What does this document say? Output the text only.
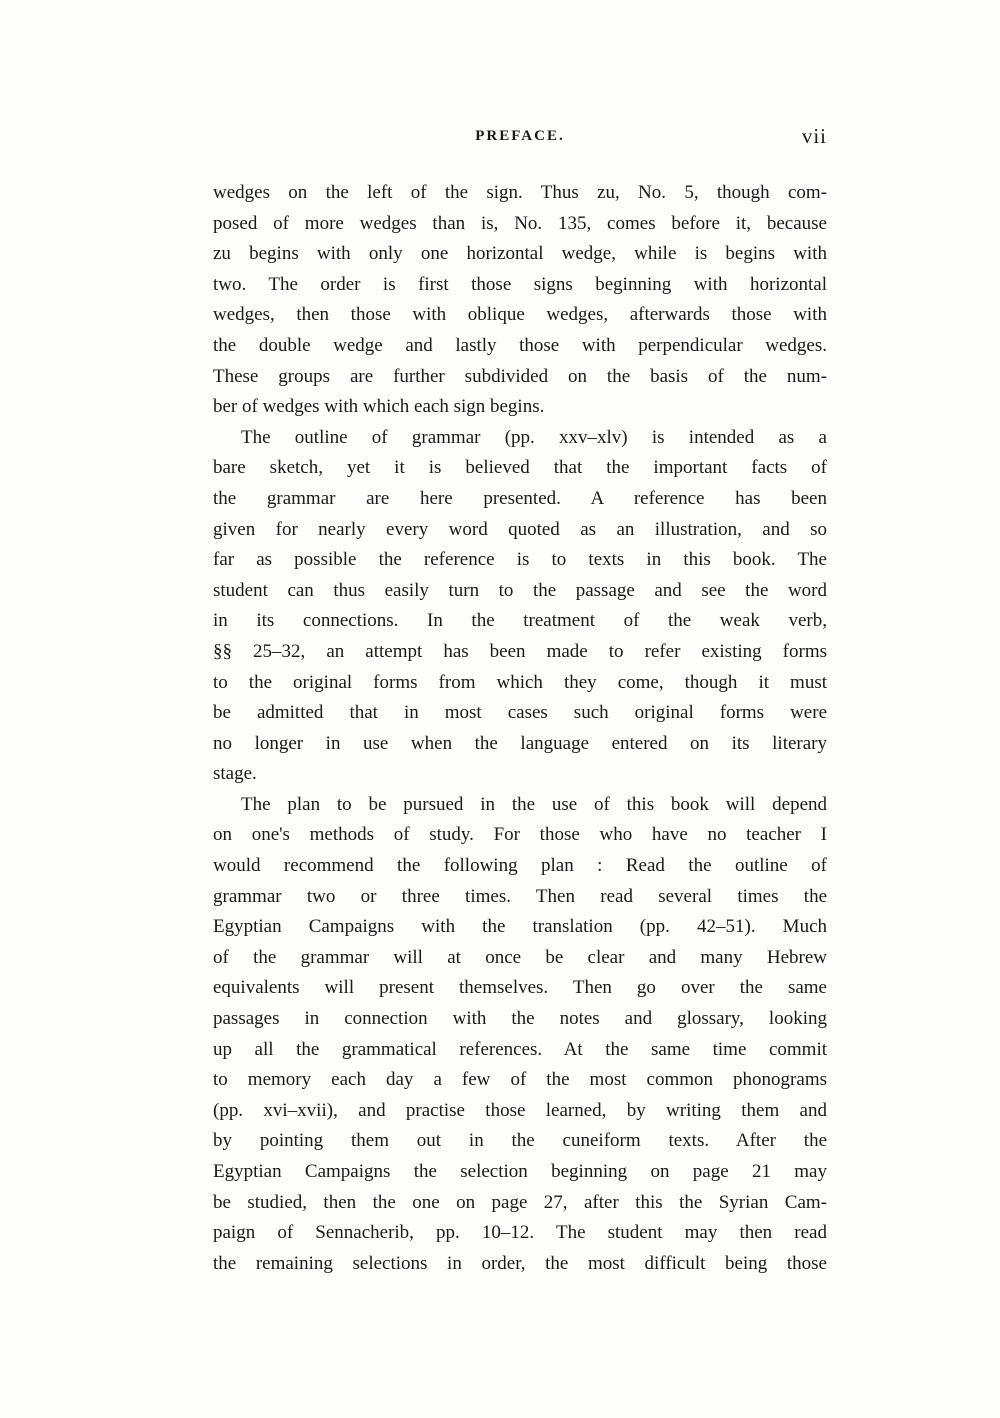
PREFACE.	vii
wedges on the left of the sign. Thus zu, No. 5, though com-
posed of more wedges than is, No. 135, comes before it, because
zu begins with only one horizontal wedge, while is begins with
two. The order is first those signs beginning with horizontal
wedges, then those with oblique wedges, afterwards those with
the double wedge and lastly those with perpendicular wedges.
These groups are further subdivided on the basis of the num-
ber of wedges with which each sign begins.
The outline of grammar (pp. xxv–xlv) is intended as a
bare sketch, yet it is believed that the important facts of
the grammar are here presented. A reference has been
given for nearly every word quoted as an illustration, and so
far as possible the reference is to texts in this book. The
student can thus easily turn to the passage and see the word
in its connections. In the treatment of the weak verb,
§§ 25–32, an attempt has been made to refer existing forms
to the original forms from which they come, though it must
be admitted that in most cases such original forms were
no longer in use when the language entered on its literary
stage.
The plan to be pursued in the use of this book will depend
on one's methods of study. For those who have no teacher I
would recommend the following plan : Read the outline of
grammar two or three times. Then read several times the
Egyptian Campaigns with the translation (pp. 42–51). Much
of the grammar will at once be clear and many Hebrew
equivalents will present themselves. Then go over the same
passages in connection with the notes and glossary, looking
up all the grammatical references. At the same time commit
to memory each day a few of the most common phonograms
(pp. xvi–xvii), and practise those learned, by writing them and
by pointing them out in the cuneiform texts. After the
Egyptian Campaigns the selection beginning on page 21 may
be studied, then the one on page 27, after this the Syrian Cam-
paign of Sennacherib, pp. 10–12. The student may then read
the remaining selections in order, the most difficult being those
